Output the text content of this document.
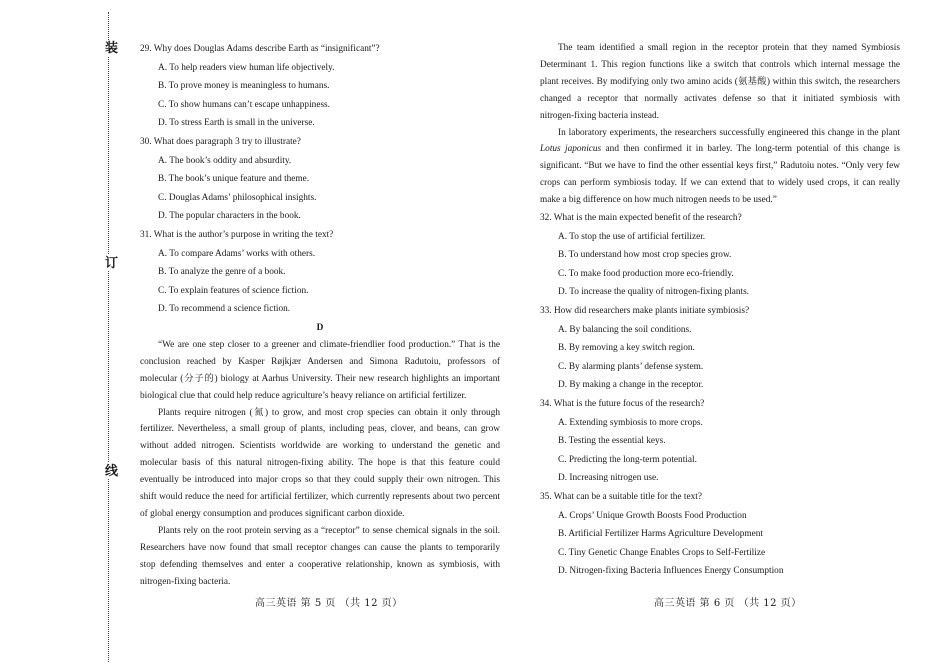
装
订
线
29. Why does Douglas Adams describe Earth as “insignificant”?
A. To help readers view human life objectively.
B. To prove money is meaningless to humans.
C. To show humans can’t escape unhappiness.
D. To stress Earth is small in the universe.
30. What does paragraph 3 try to illustrate?
A. The book’s oddity and absurdity.
B. The book’s unique feature and theme.
C. Douglas Adams’ philosophical insights.
D. The popular characters in the book.
31. What is the author’s purpose in writing the text?
A. To compare Adams’ works with others.
B. To analyze the genre of a book.
C. To explain features of science fiction.
D. To recommend a science fiction.
D
“We are one step closer to a greener and climate-friendlier food production.” That is the
conclusion reached by Kasper Røjkjær Andersen and Simona Radutoiu, professors of
molecular (分子的) biology at Aarhus University. Their new research highlights an important
biological clue that could help reduce agriculture’s heavy reliance on artificial fertilizer.
Plants require nitrogen (氮) to grow, and most crop species can obtain it only through
fertilizer. Nevertheless, a small group of plants, including peas, clover, and beans, can grow
without added nitrogen. Scientists worldwide are working to understand the genetic and
molecular basis of this natural nitrogen-fixing ability. The hope is that this feature could
eventually be introduced into major crops so that they could supply their own nitrogen. This
shift would reduce the need for artificial fertilizer, which currently represents about two percent
of global energy consumption and produces significant carbon dioxide.
Plants rely on the root protein serving as a “receptor” to sense chemical signals in the soil.
Researchers have now found that small receptor changes can cause the plants to temporarily
stop defending themselves and enter a cooperative relationship, known as symbiosis, with
nitrogen-fixing bacteria.
高三英语 第 5 页 （共 12 页）
The team identified a small region in the receptor protein that they named Symbiosis
Determinant 1. This region functions like a switch that controls which internal message the
plant receives. By modifying only two amino acids (氨基酸) within this switch, the researchers
changed a receptor that normally activates defense so that it initiated symbiosis with
nitrogen-fixing bacteria instead.
In laboratory experiments, the researchers successfully engineered this change in the plant
Lotus japonicus and then confirmed it in barley. The long-term potential of this change is
significant. “But we have to find the other essential keys first,” Radutoiu notes. “Only very few
crops can perform symbiosis today. If we can extend that to widely used crops, it can really
make a big difference on how much nitrogen needs to be used.”
32. What is the main expected benefit of the research?
A. To stop the use of artificial fertilizer.
B. To understand how most crop species grow.
C. To make food production more eco-friendly.
D. To increase the quality of nitrogen-fixing plants.
33. How did researchers make plants initiate symbiosis?
A. By balancing the soil conditions.
B. By removing a key switch region.
C. By alarming plants’ defense system.
D. By making a change in the receptor.
34. What is the future focus of the research?
A. Extending symbiosis to more crops.
B. Testing the essential keys.
C. Predicting the long-term potential.
D. Increasing nitrogen use.
35. What can be a suitable title for the text?
A. Crops’ Unique Growth Boosts Food Production
B. Artificial Fertilizer Harms Agriculture Development
C. Tiny Genetic Change Enables Crops to Self-Fertilize
D. Nitrogen-fixing Bacteria Influences Energy Consumption
高三英语 第 6 页 （共 12 页）
